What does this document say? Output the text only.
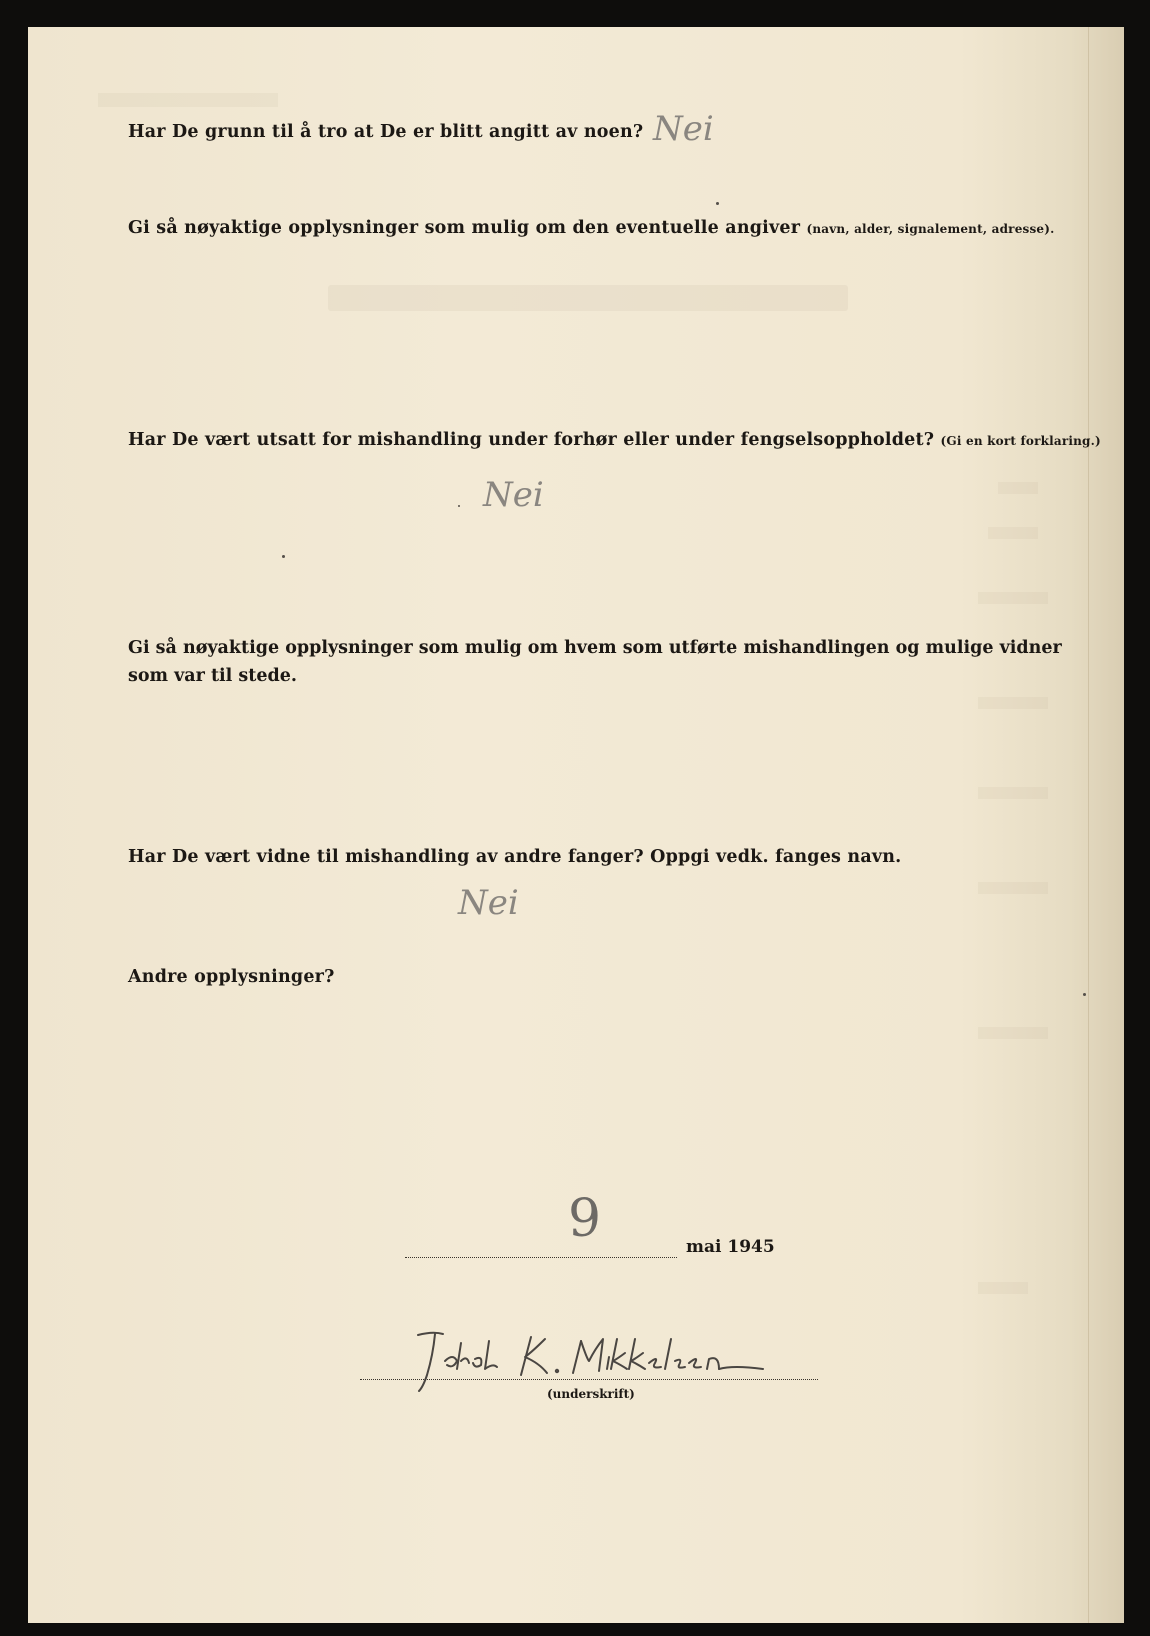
Har De grunn til å tro at De er blitt angitt av noen? Nei

Gi så nøyaktige opplysninger som mulig om den eventuelle angiver (navn, alder, signalement, adresse).

Har De vært utsatt for mishandling under forhør eller under fengselsoppholdet? (Gi en kort forklaring.)

Nei

Gi så nøyaktige opplysninger som mulig om hvem som utførte mishandlingen og mulige vidner som var til stede.

Har De vært vidne til mishandling av andre fanger? Oppgi vedk. fanges navn.

Nei

Andre opplysninger?

9	mai 1945
(underskrift)
